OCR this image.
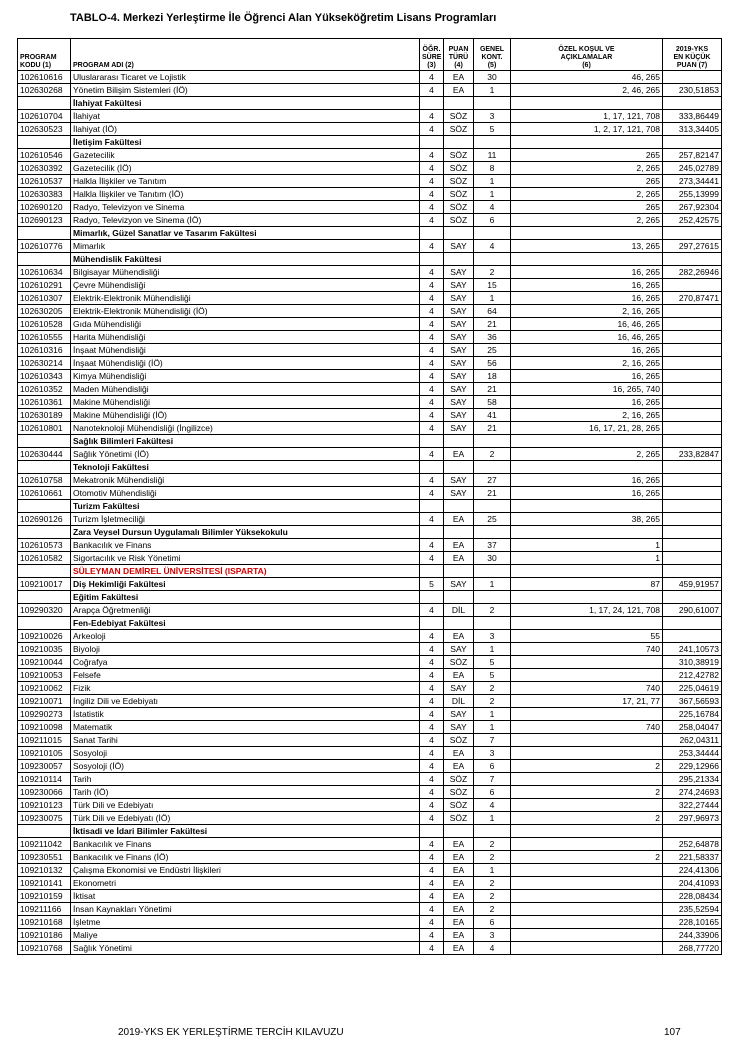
TABLO-4. Merkezi Yerleştirme İle Öğrenci Alan Yükseköğretim Lisans Programları
PROGRAM
KODU (1)	PROGRAM ADI (2)	ÖĞR.
SÜRE
(3)	PUAN
TÜRÜ
(4)	GENEL
KONT.
(5)	ÖZEL KOŞUL VE
AÇIKLAMALAR
(6)	2019-YKS
EN KÜÇÜK
PUAN (7)
102610616	Uluslararası Ticaret ve Lojistik	4	EA	30	46, 265	
102630268	Yönetim Bilişim Sistemleri (İÖ)	4	EA	1	2, 46, 265	230,51853
	İlahiyat Fakültesi					
102610704	İlahiyat	4	SÖZ	3	1, 17, 121, 708	333,86449
102630523	İlahiyat (İÖ)	4	SÖZ	5	1, 2, 17, 121, 708	313,34405
	İletişim Fakültesi					
102610546	Gazetecilik	4	SÖZ	11	265	257,82147
102630392	Gazetecilik (İÖ)	4	SÖZ	8	2, 265	245,02789
102610537	Halkla İlişkiler ve Tanıtım	4	SÖZ	1	265	273,34441
102630383	Halkla İlişkiler ve Tanıtım (İÖ)	4	SÖZ	1	2, 265	255,13999
102690120	Radyo, Televizyon ve Sinema	4	SÖZ	4	265	267,92304
102690123	Radyo, Televizyon ve Sinema (İÖ)	4	SÖZ	6	2, 265	252,42575
	Mimarlık, Güzel Sanatlar ve Tasarım Fakültesi					
102610776	Mimarlık	4	SAY	4	13, 265	297,27615
	Mühendislik Fakültesi					
102610634	Bilgisayar Mühendisliği	4	SAY	2	16, 265	282,26946
102610291	Çevre Mühendisliği	4	SAY	15	16, 265	
102610307	Elektrik-Elektronik Mühendisliği	4	SAY	1	16, 265	270,87471
102630205	Elektrik-Elektronik Mühendisliği (İÖ)	4	SAY	64	2, 16, 265	
102610528	Gıda Mühendisliği	4	SAY	21	16, 46, 265	
102610555	Harita Mühendisliği	4	SAY	36	16, 46, 265	
102610316	İnşaat Mühendisliği	4	SAY	25	16, 265	
102630214	İnşaat Mühendisliği (İÖ)	4	SAY	56	2, 16, 265	
102610343	Kimya Mühendisliği	4	SAY	18	16, 265	
102610352	Maden Mühendisliği	4	SAY	21	16, 265, 740	
102610361	Makine Mühendisliği	4	SAY	58	16, 265	
102630189	Makine Mühendisliği (İÖ)	4	SAY	41	2, 16, 265	
102610801	Nanoteknoloji Mühendisliği (İngilizce)	4	SAY	21	16, 17, 21, 28, 265	
	Sağlık Bilimleri Fakültesi					
102630444	Sağlık Yönetimi (İÖ)	4	EA	2	2, 265	233,82847
	Teknoloji Fakültesi					
102610758	Mekatronik Mühendisliği	4	SAY	27	16, 265	
102610661	Otomotiv Mühendisliği	4	SAY	21	16, 265	
	Turizm Fakültesi					
102690126	Turizm İşletmeciliği	4	EA	25	38, 265	
	Zara Veysel Dursun Uygulamalı Bilimler Yüksekokulu					
102610573	Bankacılık ve Finans	4	EA	37	1	
102610582	Sigortacılık ve Risk Yönetimi	4	EA	30	1	
	SÜLEYMAN DEMİREL ÜNİVERSİTESİ (ISPARTA)					
109210017	Diş Hekimliği Fakültesi	5	SAY	1	87	459,91957
	Eğitim Fakültesi					
109290320	Arapça Öğretmenliği	4	DİL	2	1, 17, 24, 121, 708	290,61007
	Fen-Edebiyat Fakültesi					
109210026	Arkeoloji	4	EA	3	55	
109210035	Biyoloji	4	SAY	1	740	241,10573
109210044	Coğrafya	4	SÖZ	5		310,38919
109210053	Felsefe	4	EA	5		212,42782
109210062	Fizik	4	SAY	2	740	225,04619
109210071	İngiliz Dili ve Edebiyatı	4	DİL	2	17, 21, 77	367,56593
109290273	İstatistik	4	SAY	1		225,16784
109210098	Matematik	4	SAY	1	740	258,04047
109211015	Sanat Tarihi	4	SÖZ	7		262,04311
109210105	Sosyoloji	4	EA	3		253,34444
109230057	Sosyoloji (İÖ)	4	EA	6	2	229,12966
109210114	Tarih	4	SÖZ	7		295,21334
109230066	Tarih (İÖ)	4	SÖZ	6	2	274,24693
109210123	Türk Dili ve Edebiyatı	4	SÖZ	4		322,27444
109230075	Türk Dili ve Edebiyatı (İÖ)	4	SÖZ	1	2	297,96973
	İktisadi ve İdari Bilimler Fakültesi					
109211042	Bankacılık ve Finans	4	EA	2		252,64878
109230551	Bankacılık ve Finans (İÖ)	4	EA	2	2	221,58337
109210132	Çalışma Ekonomisi ve Endüstri İlişkileri	4	EA	1		224,41306
109210141	Ekonometri	4	EA	2		204,41093
109210159	İktisat	4	EA	2		228,08434
109211166	İnsan Kaynakları Yönetimi	4	EA	2		235,52594
109210168	İşletme	4	EA	6		228,10165
109210186	Maliye	4	EA	3		244,33906
109210768	Sağlık Yönetimi	4	EA	4		268,77720
2019-YKS EK YERLEŞTİRME TERCİH KILAVUZU	107
